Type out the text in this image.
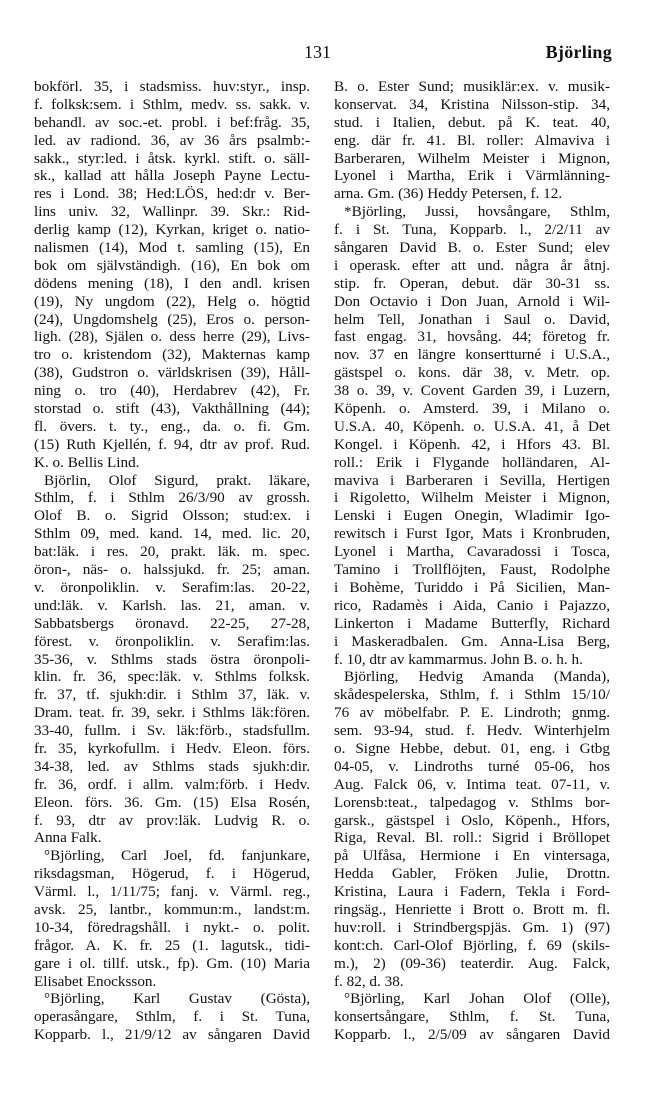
131	Björling
bokförl. 35, i stadsmiss. huv:styr., insp.
f. folksk:sem. i Sthlm, medv. ss. sakk. v.
behandl. av soc.-et. probl. i bef:fråg. 35,
led. av radiond. 36, av 36 års psalmb:-
sakk., styr:led. i åtsk. kyrkl. stift. o. säll-
sk., kallad att hålla Joseph Payne Lectu-
res i Lond. 38; Hed:LÖS, hed:dr v. Ber-
lins univ. 32, Wallinpr. 39. Skr.: Rid-
derlig kamp (12), Kyrkan, kriget o. natio-
nalismen (14), Mod t. samling (15), En
bok om självständigh. (16), En bok om
dödens mening (18), I den andl. krisen
(19), Ny ungdom (22), Helg o. högtid
(24), Ungdomshelg (25), Eros o. person-
ligh. (28), Själen o. dess herre (29), Livs-
tro o. kristendom (32), Makternas kamp
(38), Gudstron o. världskrisen (39), Håll-
ning o. tro (40), Herdabrev (42), Fr.
storstad o. stift (43), Vakthållning (44);
fl. övers. t. ty., eng., da. o. fi. Gm.
(15) Ruth Kjellén, f. 94, dtr av prof. Rud.
K. o. Bellis Lind.
Björlin, Olof Sigurd, prakt. läkare,
Sthlm, f. i Sthlm 26/3/90 av grossh.
Olof B. o. Sigrid Olsson; stud:ex. i
Sthlm 09, med. kand. 14, med. lic. 20,
bat:läk. i res. 20, prakt. läk. m. spec.
öron-, näs- o. halssjukd. fr. 25; aman.
v. öronpoliklin. v. Serafim:las. 20-22,
und:läk. v. Karlsh. las. 21, aman. v.
Sabbatsbergs öronavd. 22-25, 27-28,
förest. v. öronpoliklin. v. Serafim:las.
35-36, v. Sthlms stads östra öronpoli-
klin. fr. 36, spec:läk. v. Sthlms folksk.
fr. 37, tf. sjukh:dir. i Sthlm 37, läk. v.
Dram. teat. fr. 39, sekr. i Sthlms läk:fören.
33-40, fullm. i Sv. läk:förb., stadsfullm.
fr. 35, kyrkofullm. i Hedv. Eleon. förs.
34-38, led. av Sthlms stads sjukh:dir.
fr. 36, ordf. i allm. valm:förb. i Hedv.
Eleon. förs. 36. Gm. (15) Elsa Rosén,
f. 93, dtr av prov:läk. Ludvig R. o.
Anna Falk.
°Björling, Carl Joel, fd. fanjunkare,
riksdagsman, Högerud, f. i Högerud,
Värml. l., 1/11/75; fanj. v. Värml. reg.,
avsk. 25, lantbr., kommun:m., landst:m.
10-34, föredragshåll. i nykt.- o. polit.
frågor. A. K. fr. 25 (1. lagutsk., tidi-
gare i ol. tillf. utsk., fp). Gm. (10) Maria
Elisabet Enocksson.
°Björling, Karl Gustav (Gösta),
operasångare, Sthlm, f. i St. Tuna,
Kopparb. l., 21/9/12 av sångaren David
B. o. Ester Sund; musiklär:ex. v. musik-
konservat. 34, Kristina Nilsson-stip. 34,
stud. i Italien, debut. på K. teat. 40,
eng. där fr. 41. Bl. roller: Almaviva i
Barberaren, Wilhelm Meister i Mignon,
Lyonel i Martha, Erik i Värmlänning-
arna. Gm. (36) Heddy Petersen, f. 12.
*Björling, Jussi, hovsångare, Sthlm,
f. i St. Tuna, Kopparb. l., 2/2/11 av
sångaren David B. o. Ester Sund; elev
i operask. efter att und. några år åtnj.
stip. fr. Operan, debut. där 30-31 ss.
Don Octavio i Don Juan, Arnold i Wil-
helm Tell, Jonathan i Saul o. David,
fast engag. 31, hovsång. 44; företog fr.
nov. 37 en längre konsertturné i U.S.A.,
gästspel o. kons. där 38, v. Metr. op.
38 o. 39, v. Covent Garden 39, i Luzern,
Köpenh. o. Amsterd. 39, i Milano o.
U.S.A. 40, Köpenh. o. U.S.A. 41, å Det
Kongel. i Köpenh. 42, i Hfors 43. Bl.
roll.: Erik i Flygande holländaren, Al-
maviva i Barberaren i Sevilla, Hertigen
i Rigoletto, Wilhelm Meister i Mignon,
Lenski i Eugen Onegin, Wladimir Igo-
rewitsch i Furst Igor, Mats i Kronbruden,
Lyonel i Martha, Cavaradossi i Tosca,
Tamino i Trollflöjten, Faust, Rodolphe
i Bohème, Turiddo i På Sicilien, Man-
rico, Radamès i Aida, Canio i Pajazzo,
Linkerton i Madame Butterfly, Richard
i Maskeradbalen. Gm. Anna-Lisa Berg,
f. 10, dtr av kammarmus. John B. o. h. h.
Björling, Hedvig Amanda (Manda),
skådespelerska, Sthlm, f. i Sthlm 15/10/
76 av möbelfabr. P. E. Lindroth; gnmg.
sem. 93-94, stud. f. Hedv. Winterhjelm
o. Signe Hebbe, debut. 01, eng. i Gtbg
04-05, v. Lindroths turné 05-06, hos
Aug. Falck 06, v. Intima teat. 07-11, v.
Lorensb:teat., talpedagog v. Sthlms bor-
garsk., gästspel i Oslo, Köpenh., Hfors,
Riga, Reval. Bl. roll.: Sigrid i Bröllopet
på Ulfåsa, Hermione i En vintersaga,
Hedda Gabler, Fröken Julie, Drottn.
Kristina, Laura i Fadern, Tekla i Ford-
ringsäg., Henriette i Brott o. Brott m. fl.
huv:roll. i Strindbergspjäs. Gm. 1) (97)
kont:ch. Carl-Olof Björling, f. 69 (skils-
m.), 2) (09-36) teaterdir. Aug. Falck,
f. 82, d. 38.
°Björling, Karl Johan Olof (Olle),
konsertsångare, Sthlm, f. St. Tuna,
Kopparb. l., 2/5/09 av sångaren David
